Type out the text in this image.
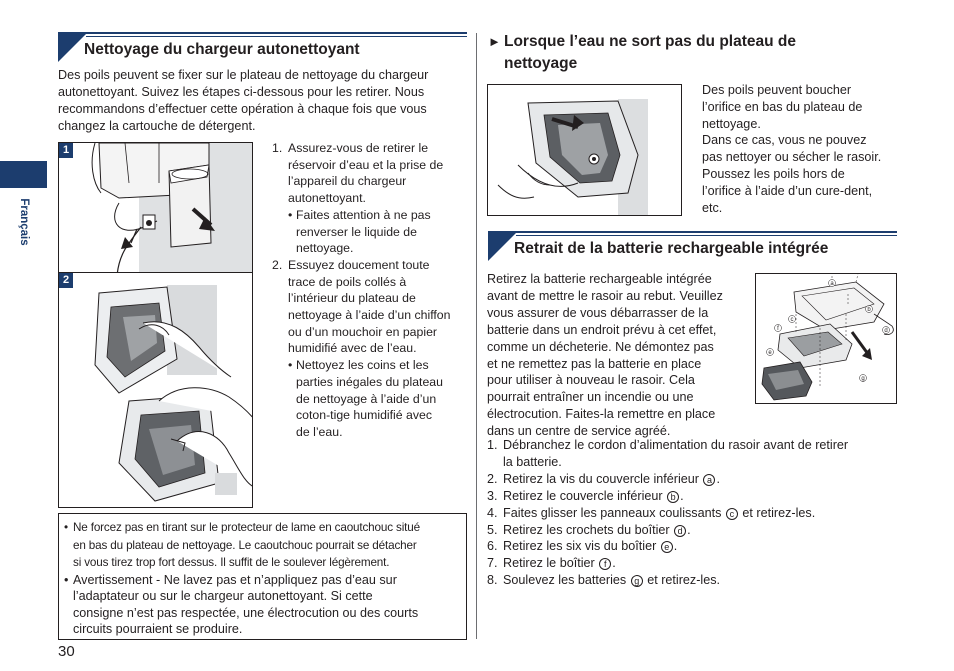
Français
Nettoyage du chargeur autonettoyant

Des poils peuvent se fixer sur le plateau de nettoyage du chargeur

autonettoyant. Suivez les étapes ci-dessous pour les retirer. Nous

recommandons d’effectuer cette opération à chaque fois que vous

changez la cartouche de détergent.

1
2
1. Assurez-vous de retirer le
réservoir d’eau et la prise de
l’appareil du chargeur
autonettoyant.
• Faites attention à ne pas
renverser le liquide de
nettoyage.
2. Essuyez doucement toute
trace de poils collés à
l’intérieur du plateau de
nettoyage à l’aide d’un chiffon
ou d’un mouchoir en papier
humidifié avec de l’eau.
• Nettoyez les coins et les
parties inégales du plateau
de nettoyage à l’aide d’un
coton-tige humidifié avec
de l’eau.
• Ne forcez pas en tirant sur le protecteur de lame en caoutchouc situé
en bas du plateau de nettoyage. Le caoutchouc pourrait se détacher
si vous tirez trop fort dessus. Il suffit de le soulever légèrement.
• Avertissement - Ne lavez pas et n’appliquez pas d’eau sur
l’adaptateur ou sur le chargeur autonettoyant. Si cette
consigne n’est pas respectée, une électrocution ou des courts
circuits pourraient se produire.
► Lorsque l’eau ne sort pas du plateau de
nettoyage

Des poils peuvent boucher

l’orifice en bas du plateau de

nettoyage.

Dans ce cas, vous ne pouvez

pas nettoyer ou sécher le rasoir.

Poussez les poils hors de

l’orifice à l’aide d’un cure-dent,

etc.

Retrait de la batterie rechargeable intégrée

Retirez la batterie rechargeable intégrée

avant de mettre le rasoir au rebut. Veuillez

vous assurer de vous débarrasser de la

batterie dans un endroit prévu à cet effet,

comme un décheterie. Ne démontez pas

et ne remettez pas la batterie en place

pour utiliser à nouveau le rasoir. Cela

pourrait entraîner un incendie ou une

électrocution. Faites-la remettre en place

dans un centre de service agréé.

a
b
c
d
e
f
g
1. Débranchez le cordon d’alimentation du rasoir avant de retirer
la batterie.
2. Retirez la vis du couvercle inférieur a .
3. Retirez le couvercle inférieur b .
4. Faites glisser les panneaux coulissants c et retirez-les.
5. Retirez les crochets du boîtier d .
6. Retirez les six vis du boîtier e .
7. Retirez le boîtier f .
8. Soulevez les batteries g et retirez-les.
30
